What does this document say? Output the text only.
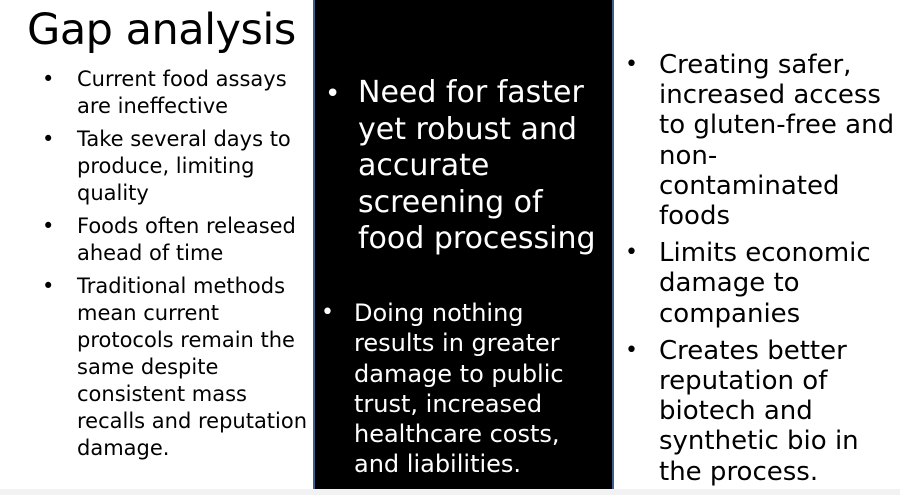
Gap analysis
• Current food assays are ineffective
• Take several days to produce, limiting quality
• Foods often released ahead of time
• Traditional methods mean current protocols remain the same despite consistent mass recalls and reputation damage.
• Need for faster yet robust and accurate screening of food processing
• Doing nothing results in greater damage to public trust, increased healthcare costs, and liabilities.
• Creating safer, increased access to gluten-free and non-contaminated foods
• Limits economic damage to companies
• Creates better reputation of biotech and synthetic bio in the process.
